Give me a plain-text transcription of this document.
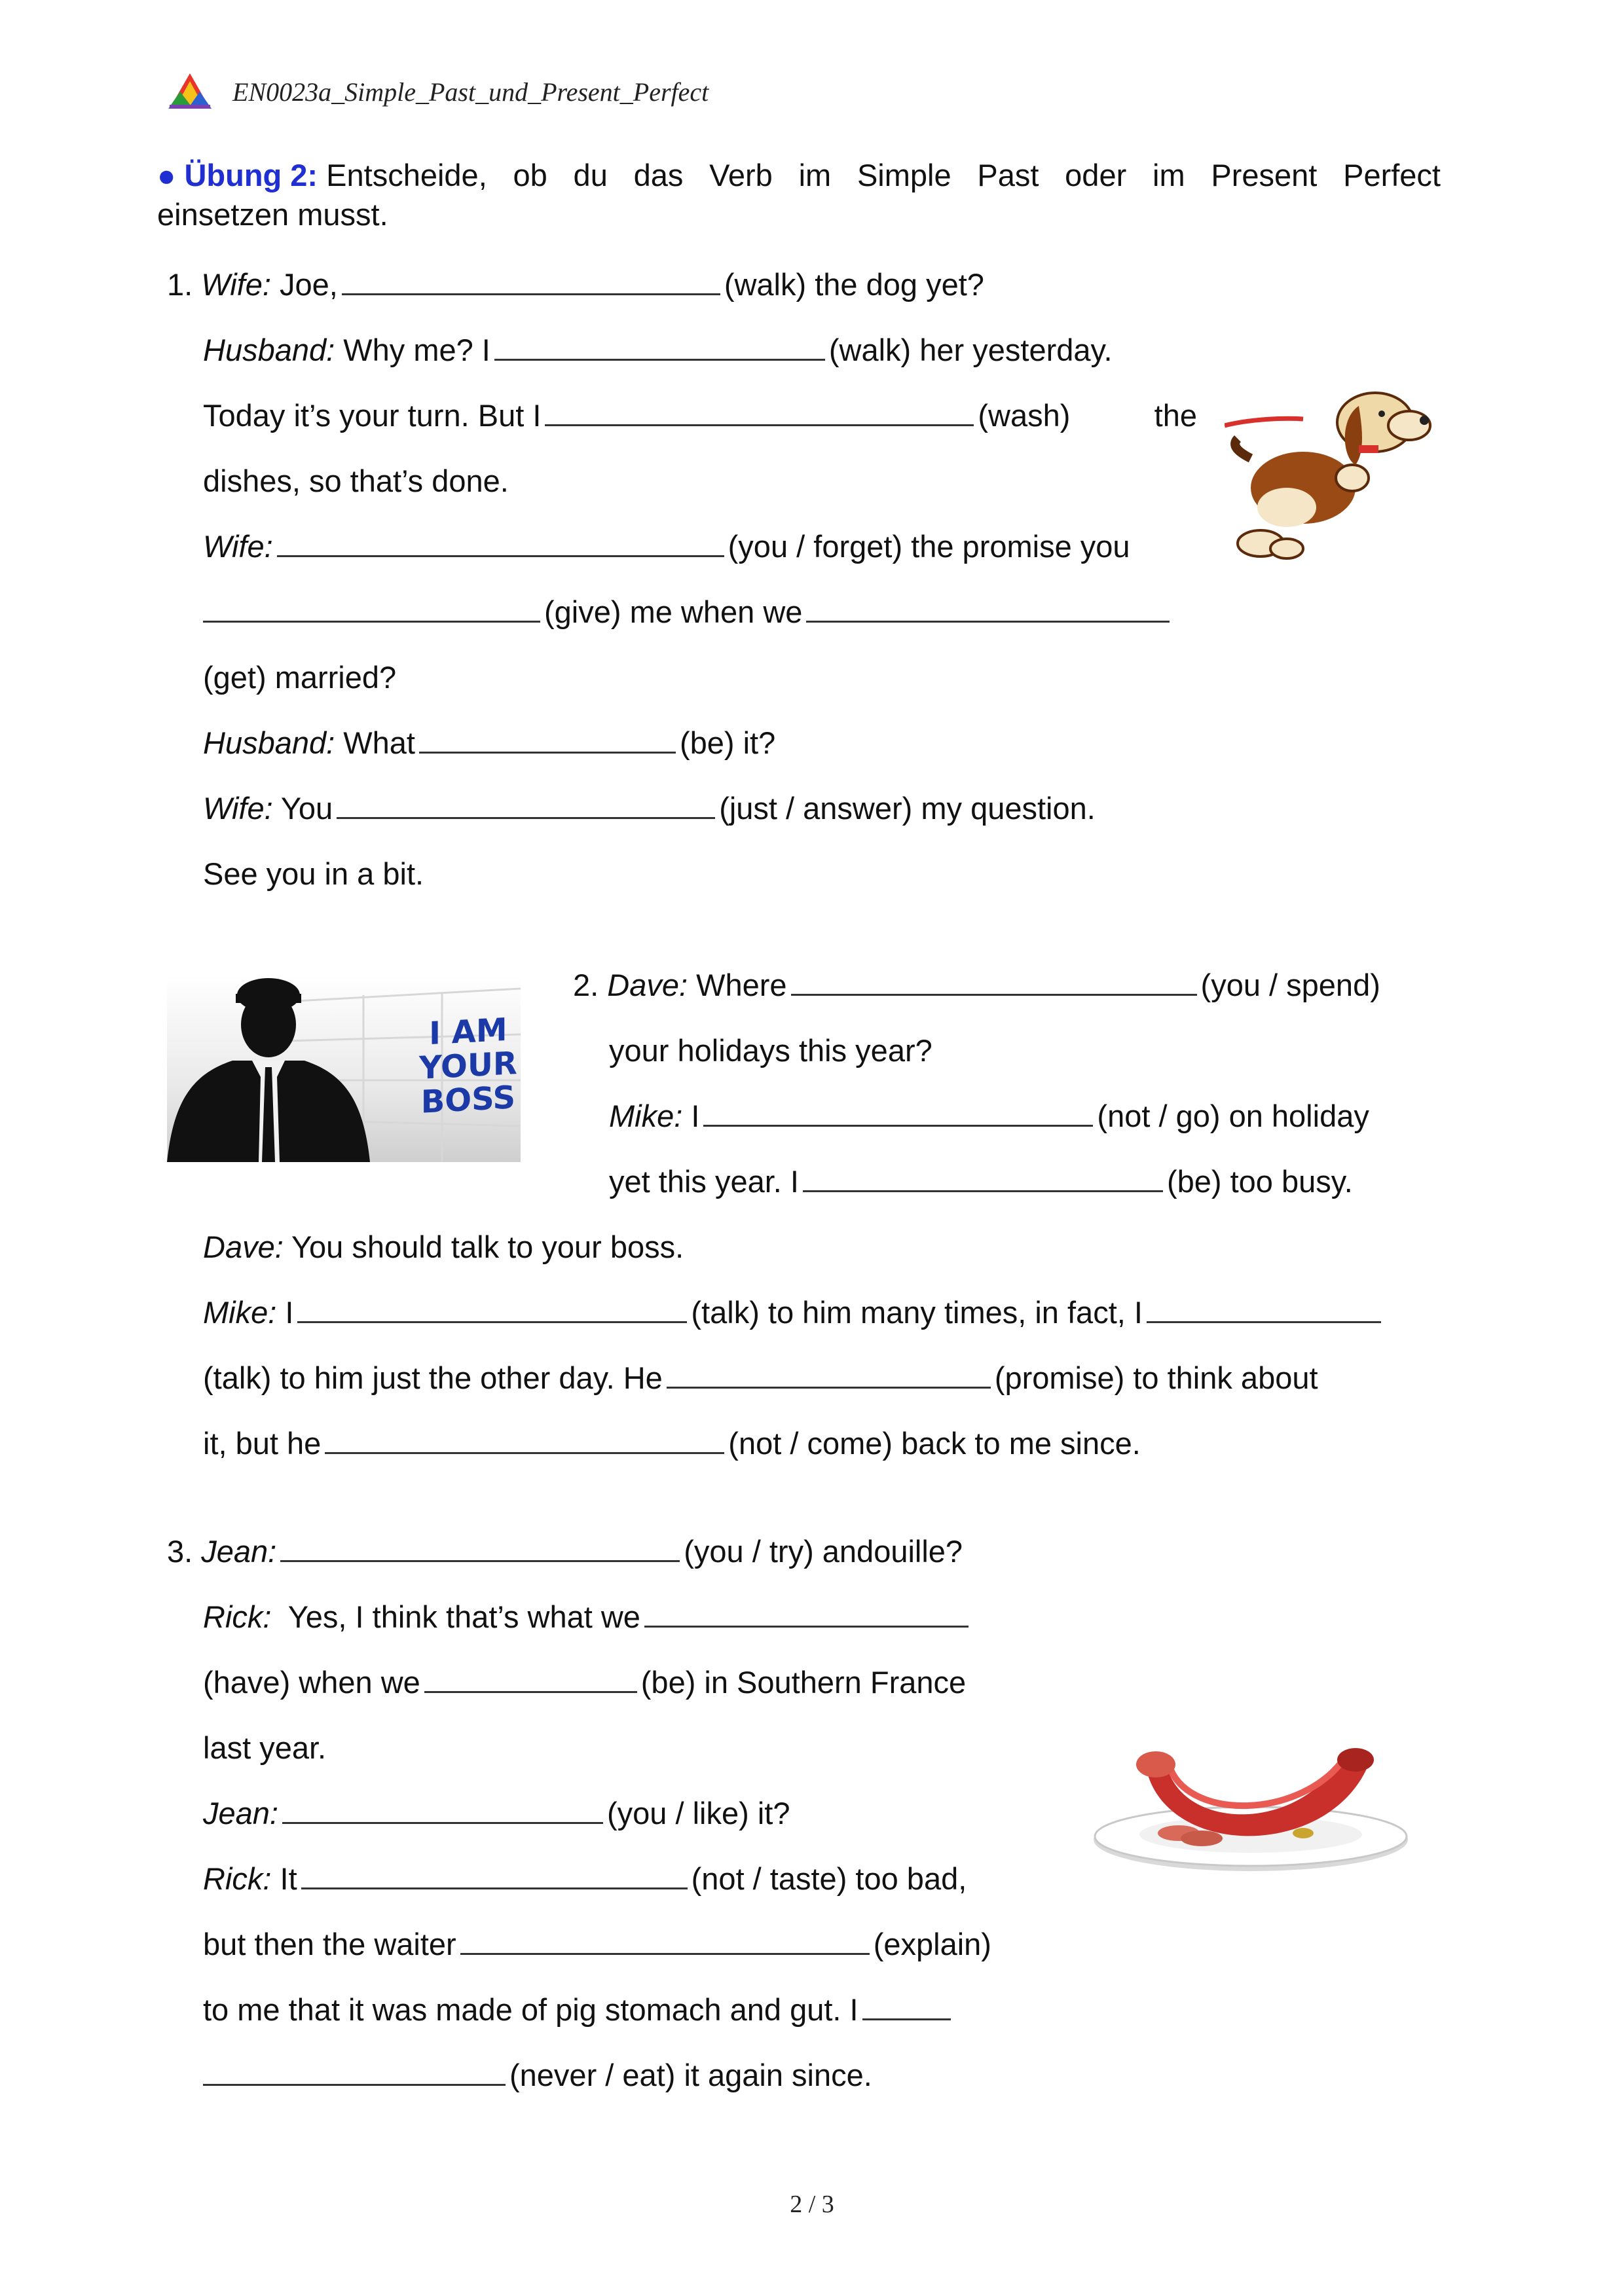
EN0023a_Simple_Past_und_Present_Perfect
● Übung 2: Entscheide, ob du das Verb im Simple Past oder im Present Perfect
einsetzen musst.
1. Wife: Joe,	(walk) the dog yet?
Husband: Why me? I	(walk) her yesterday.
Today it’s your turn. But I	(wash)	the
dishes, so that’s done.
Wife:	(you / forget) the promise you
(give) me when we
(get) married?
Husband: What	(be) it?
Wife: You	(just / answer) my question.
See you in a bit.
I AM
YOUR
BOSS
2. Dave: Where	(you / spend)
your holidays this year?
Mike: I	(not / go) on holiday
yet this year. I	(be) too busy.
Dave: You should talk to your boss.
Mike: I	(talk) to him many times, in fact, I
(talk) to him just the other day. He	(promise) to think about
it, but he	(not / come) back to me since.
3. Jean:	(you / try) andouille?
Rick: Yes, I think that’s what we
(have) when we	(be) in Southern France
last year.
Jean:	(you / like) it?
Rick: It	(not / taste) too bad,
but then the waiter	(explain)
to me that it was made of pig stomach and gut. I
(never / eat) it again since.
2 / 3
